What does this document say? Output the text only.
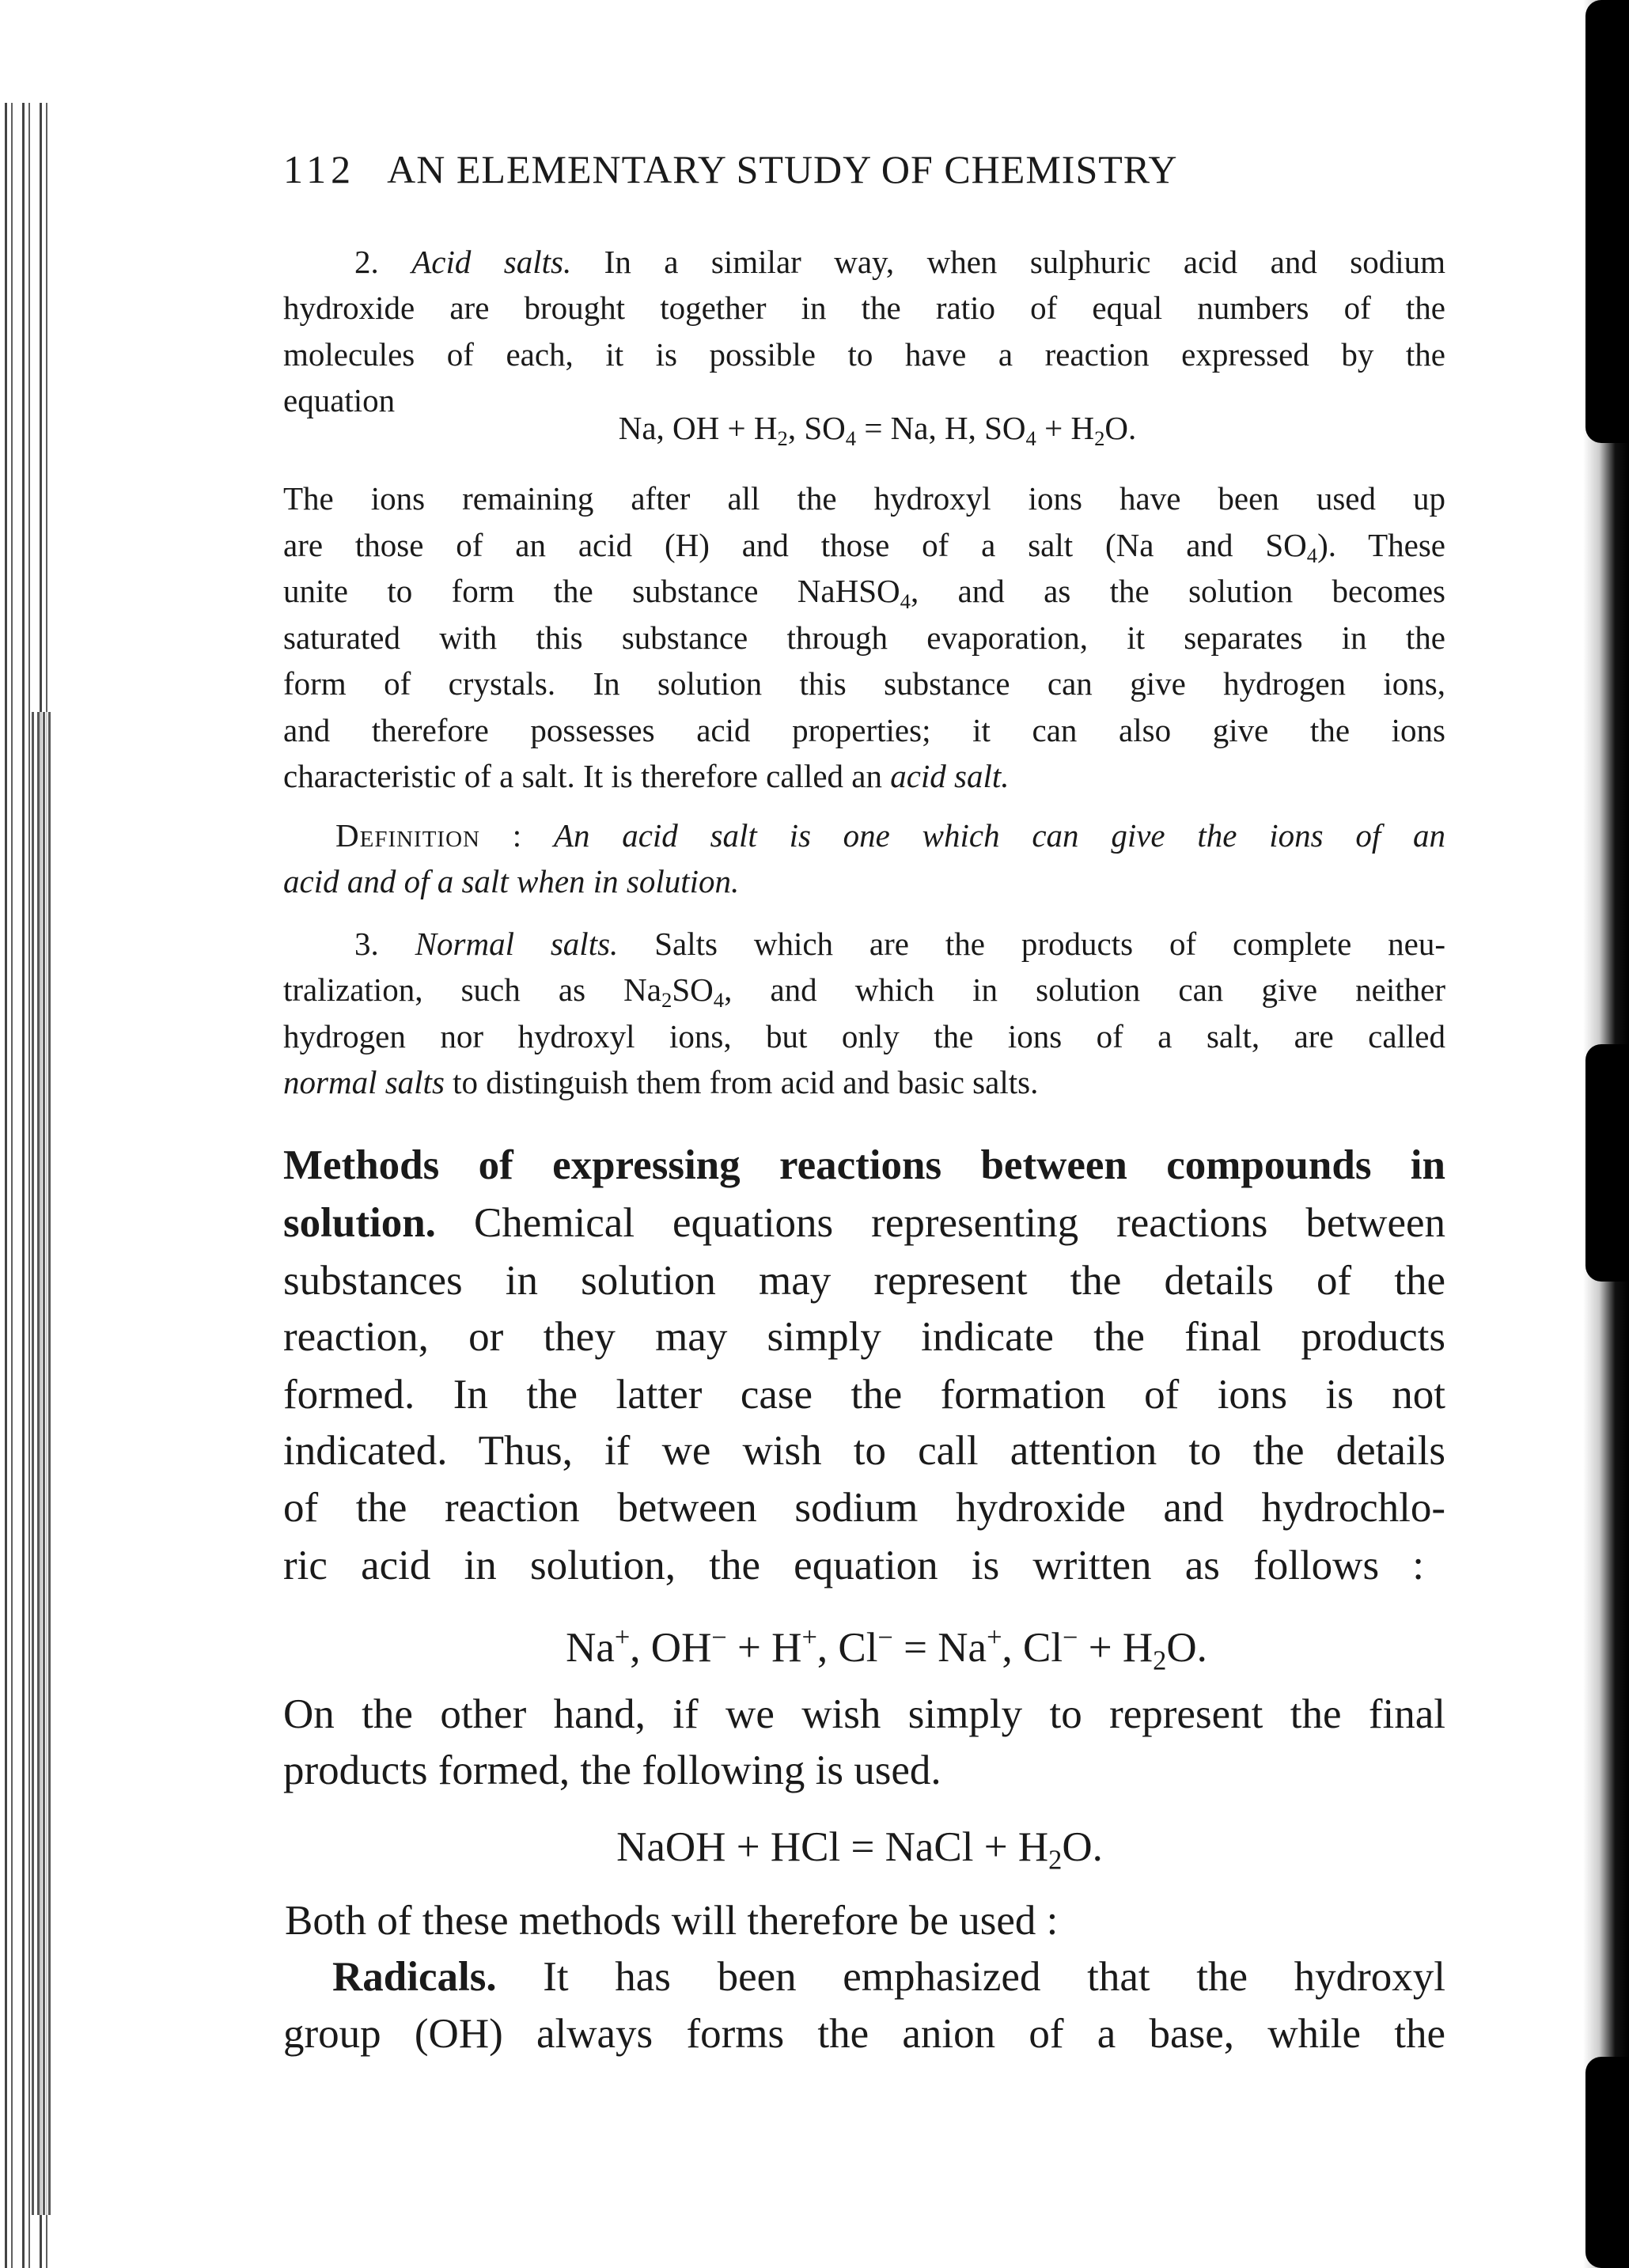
112 AN ELEMENTARY STUDY OF CHEMISTRY
2. Acid salts. In a similar way, when sulphuric acid and sodium
hydroxide are brought together in the ratio of equal numbers of the
molecules of each, it is possible to have a reaction expressed by the
equation
Na, OH + $H_2$, $SO_4 = Na$, H, $SO_4 + H_2O$.
The ions remaining after all the hydroxyl ions have been used up
are those of an acid (H) and those of a salt (Na and $SO_4$). These
unite to form the substance NaHSO$_4$, and as the solution becomes
saturated with this substance through evaporation, it separates in the
form of crystals. In solution this substance can give hydrogen ions,
and therefore possesses acid properties; it can also give the ions
characteristic of a salt. It is therefore called an acid salt.
Definition : An acid salt is one which can give the ions of an
acid and of a salt when in solution.
3. Normal salts. Salts which are the products of complete neu-
tralization, such as $Na_2SO_4$, and which in solution can give neither
hydrogen nor hydroxyl ions, but only the ions of a salt, are called
normal salts to distinguish them from acid and basic salts.
Methods of expressing reactions between compounds in
solution. Chemical equations representing reactions between
substances in solution may represent the details of the
reaction, or they may simply indicate the final products
formed. In the latter case the formation of ions is not
indicated. Thus, if we wish to call attention to the details
of the reaction between sodium hydroxide and hydrochlo-
ric acid in solution, the equation is written as follows :
Na+, OH− + H+, Cl− = Na+, $Cl^- + H_2O$.
On the other hand, if we wish simply to represent the final
products formed, the following is used.
NaOH + HCl = NaCl + $H_2O$.
Both of these methods will therefore be used :
Radicals. It has been emphasized that the hydroxyl
group (OH) always forms the anion of a base, while the
